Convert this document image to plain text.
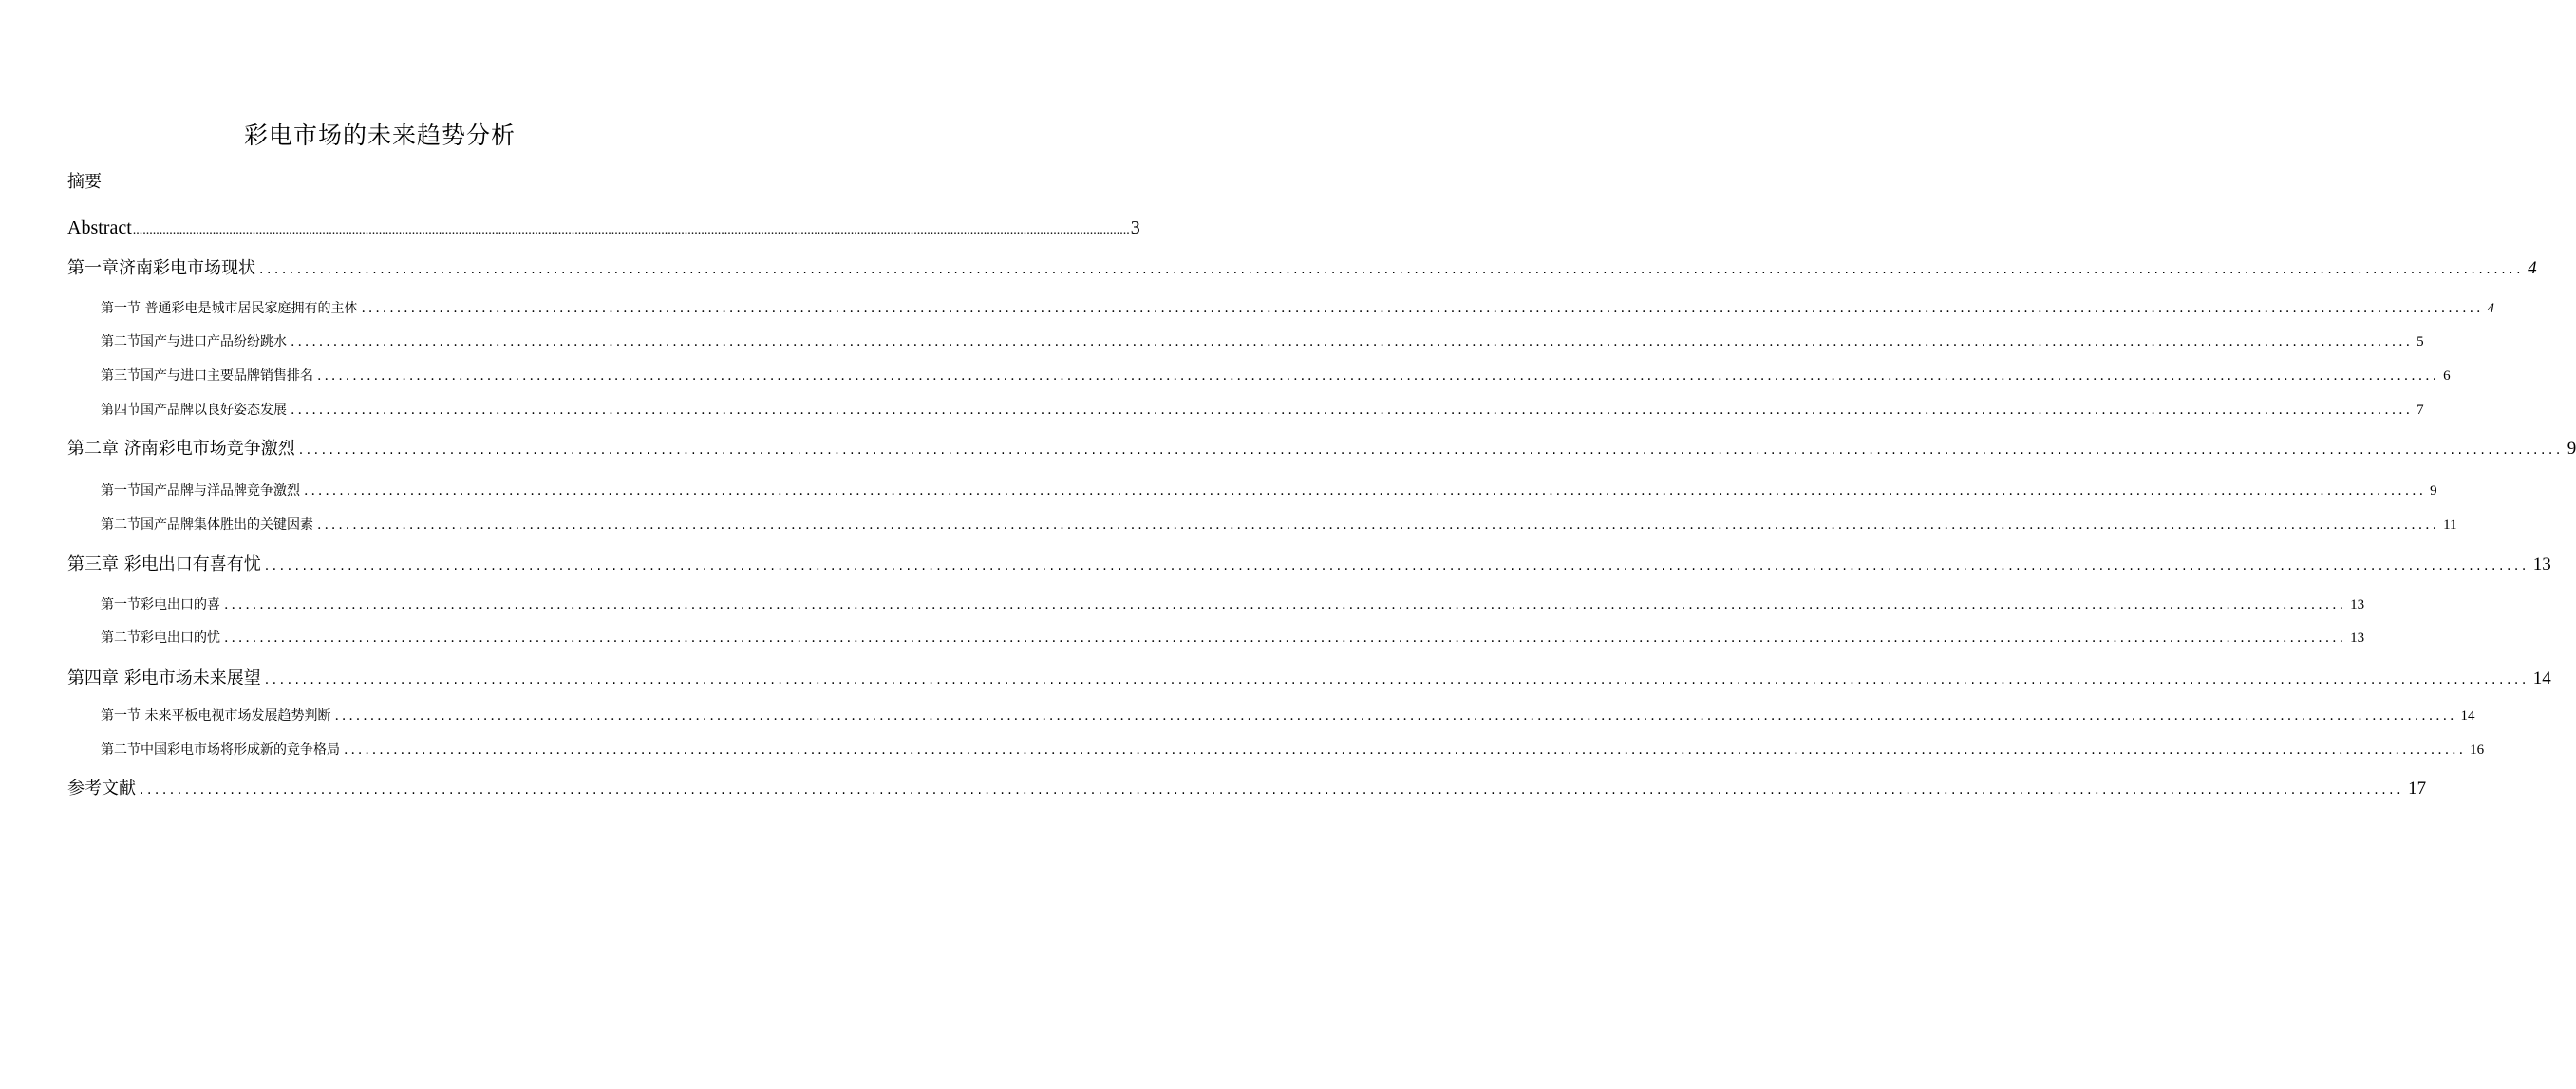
彩电市场的未来趋势分析
摘要
Abstract ............................................................................................................................................................................................................................................................................................................ 3
第一章济南彩电市场现状 ............................................................................................................................................................................................................................................................................................................ 4
第一节 普通彩电是城市居民家庭拥有的主体 ............................................................................................................................................................................................................................................................................................................ 4
第二节国产与进口产品纷纷跳水 ............................................................................................................................................................................................................................................................................................................ 5
第三节国产与进口主要品牌销售排名 ............................................................................................................................................................................................................................................................................................................ 6
第四节国产品牌以良好姿态发展 ............................................................................................................................................................................................................................................................................................................ 7
第二章 济南彩电市场竞争激烈 ............................................................................................................................................................................................................................................................................................................ 9
第一节国产品牌与洋品牌竞争激烈 ............................................................................................................................................................................................................................................................................................................ 9
第二节国产品牌集体胜出的关键因素 ............................................................................................................................................................................................................................................................................................................ 11
第三章 彩电出口有喜有忧 ............................................................................................................................................................................................................................................................................................................ 13
第一节彩电出口的喜 ............................................................................................................................................................................................................................................................................................................ 13
第二节彩电出口的忧 ............................................................................................................................................................................................................................................................................................................ 13
第四章 彩电市场未来展望 ............................................................................................................................................................................................................................................................................................................ 14
第一节 未来平板电视市场发展趋势判断 ............................................................................................................................................................................................................................................................................................................ 14
第二节中国彩电市场将形成新的竞争格局 ............................................................................................................................................................................................................................................................................................................ 16
参考文献 ............................................................................................................................................................................................................................................................................................................ 17
